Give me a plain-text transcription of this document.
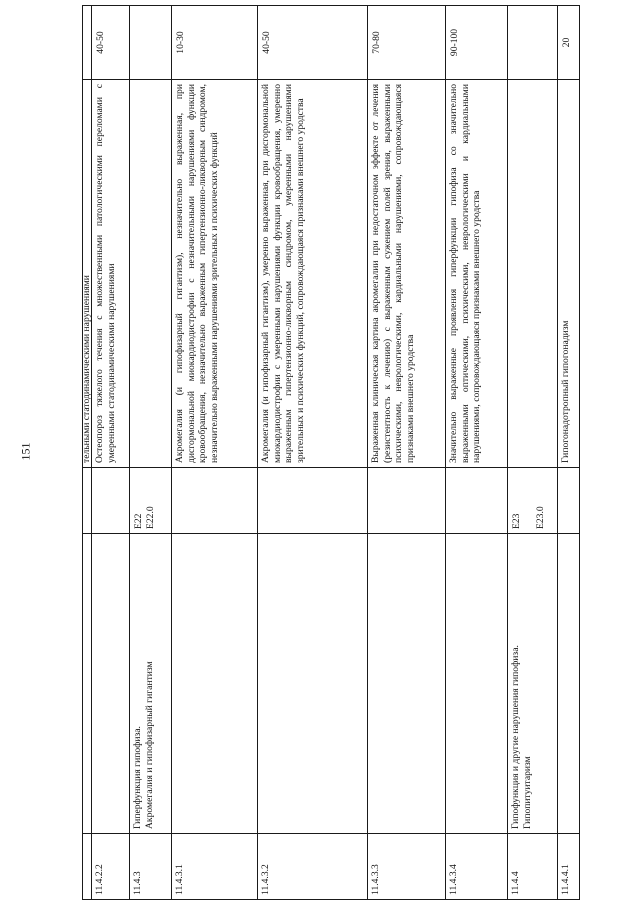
151
				тельными статодинамическими нарушениями	
11.4.2.2			Остеопороз тяжелого течения с множественными патологическими переломами с умеренными статодинамическими нарушениями	40-50
11.4.3	Гиперфункция гипофиза. Акромегалия и гипофизарный гигантизм	E22 E22.0		

11.4.3.1			Акромегалия (и гипофизарный гигантизм), незначительно выраженная, при дисгормональной миокардиодистрофии с незначительными нарушениями функции кровообращения, незначительно выраженным гипертензионно-ликворным синдромом, незначительно выраженными нарушениями зрительных и психических функций	10-30
11.4.3.2			Акромегалия (и гипофизарный гигантизм), умеренно выраженная, при дисгормональной миокардиодистрофии с умеренными нарушениями функции кровообращения, умеренно выраженным гипертензионно-ликворным синдромом, умеренными нарушениями зрительных и психических функций, сопровождающаяся признаками внешнего уродства	40-50
11.4.3.3			Выраженная клиническая картина акромегалии при недостаточном эффекте от лечения (резистентность к лечению) с выраженным сужением полей зрения, выраженными психическими, неврологическими, кардиальными нарушениями, сопровождающаяся признаками внешнего уродства	70-80
11.4.3.4			Значительно выраженные проявления гиперфункции гипофиза со значительно выраженными оптическими, психическими, неврологическими и кардиальными нарушениями, сопровождающаяся признаками внешнего уродства	90-100
11.4.4	Гипофункция и другие нарушения гипофиза. Гипопитуитаризм	E23 E23.0		

11.4.4.1			Гипогонадотропный гипогонадизм	20
